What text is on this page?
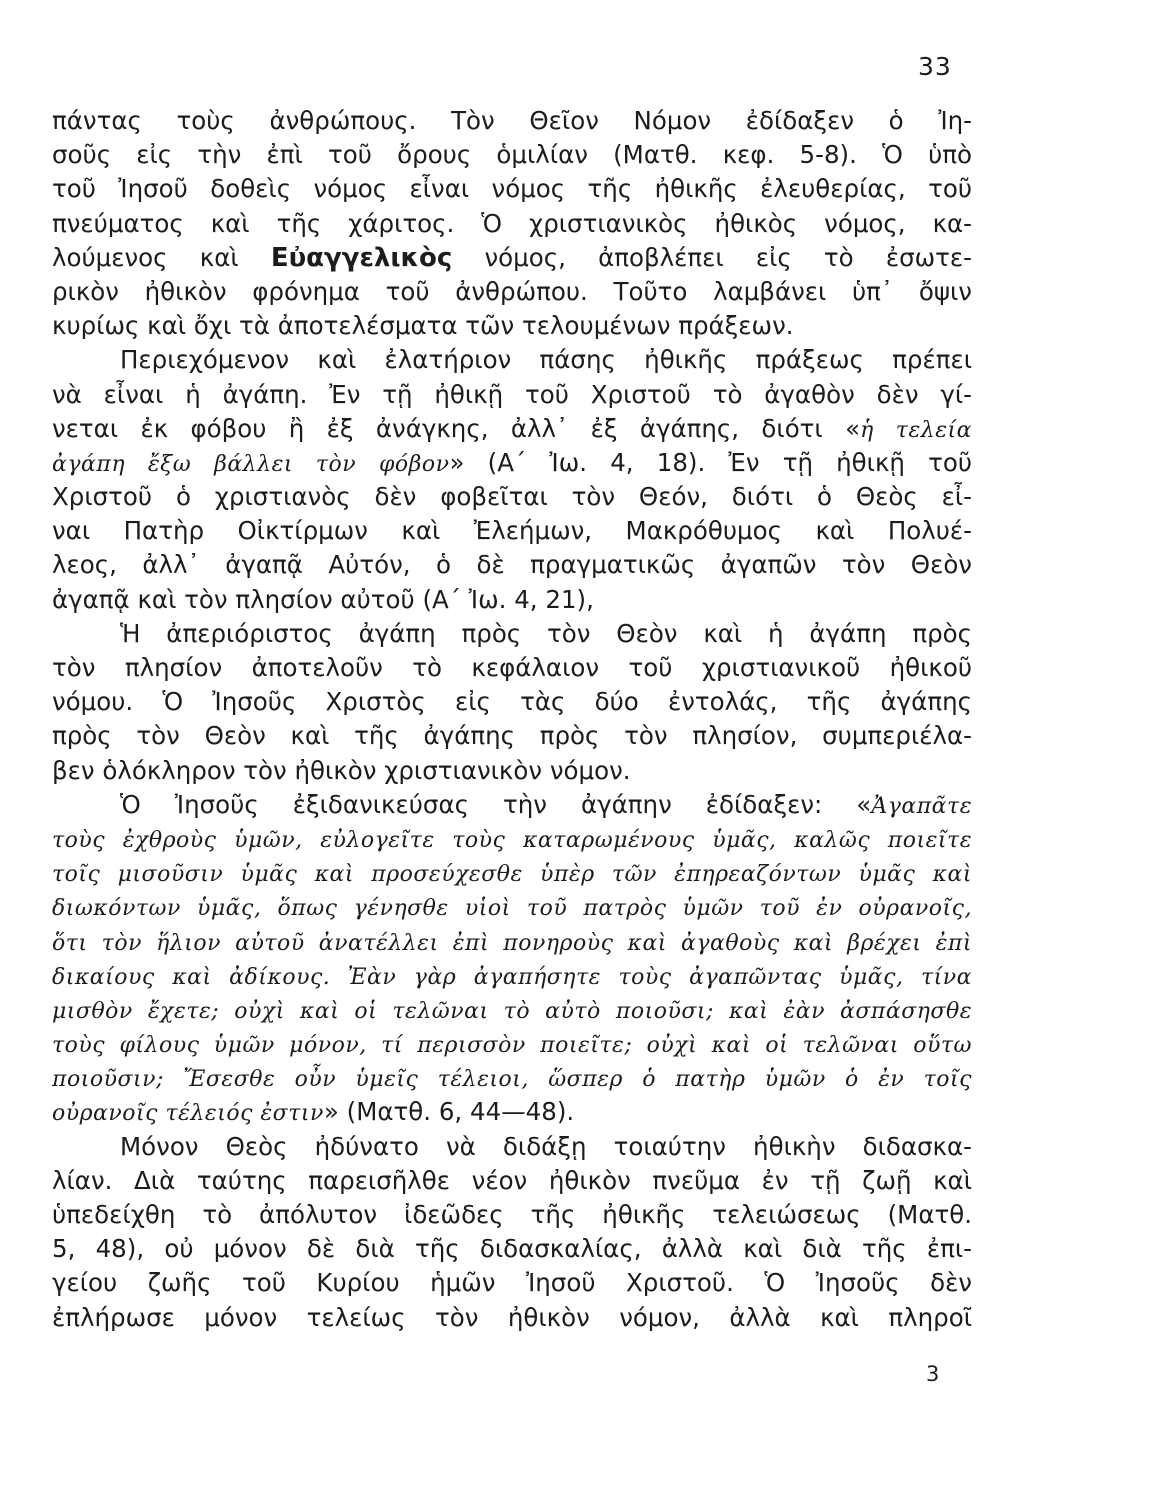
33
πάντας τοὺς ἀνθρώπους. Τὸν Θεῖον Νόμον ἐδίδαξεν ὁ Ἰη-
σοῦς εἰς τὴν ἐπὶ τοῦ ὄρους ὁμιλίαν (Ματθ. κεφ. 5-8). Ὁ ὑπὸ
τοῦ Ἰησοῦ δοθεὶς νόμος εἶναι νόμος τῆς ἠθικῆς ἐλευθερίας, τοῦ
πνεύματος καὶ τῆς χάριτος. Ὁ χριστιανικὸς ἠθικὸς νόμος, κα-
λούμενος καὶ Εὐαγγελικὸς νόμος, ἀποβλέπει εἰς τὸ ἐσωτε-
ρικὸν ἠθικὸν φρόνημα τοῦ ἀνθρώπου. Τοῦτο λαμβάνει ὑπ᾿ ὄψιν
κυρίως καὶ ὄχι τὰ ἀποτελέσματα τῶν τελουμένων πράξεων.
Περιεχόμενον καὶ ἐλατήριον πάσης ἠθικῆς πράξεως πρέπει
νὰ εἶναι ἡ ἀγάπη. Ἐν τῇ ἠθικῇ τοῦ Χριστοῦ τὸ ἀγαθὸν δὲν γί-
νεται ἐκ φόβου ἢ ἐξ ἀνάγκης, ἀλλ᾿ ἐξ ἀγάπης, διότι «ἡ τελεία
ἀγάπη ἔξω βάλλει τὸν φόβον» (Α΄ Ἰω. 4, 18). Ἐν τῇ ἠθικῇ τοῦ
Χριστοῦ ὁ χριστιανὸς δὲν φοβεῖται τὸν Θεόν, διότι ὁ Θεὸς εἶ-
ναι Πατὴρ Οἰκτίρμων καὶ Ἐλεήμων, Μακρόθυμος καὶ Πολυέ-
λεος, ἀλλ᾿ ἀγαπᾷ Αὐτόν, ὁ δὲ πραγματικῶς ἀγαπῶν τὸν Θεὸν
ἀγαπᾷ καὶ τὸν πλησίον αὐτοῦ (Α΄ Ἰω. 4, 21),
Ἡ ἀπεριόριστος ἀγάπη πρὸς τὸν Θεὸν καὶ ἡ ἀγάπη πρὸς
τὸν πλησίον ἀποτελοῦν τὸ κεφάλαιον τοῦ χριστιανικοῦ ἠθικοῦ
νόμου. Ὁ Ἰησοῦς Χριστὸς εἰς τὰς δύο ἐντολάς, τῆς ἀγάπης
πρὸς τὸν Θεὸν καὶ τῆς ἀγάπης πρὸς τὸν πλησίον, συμπεριέλα-
βεν ὁλόκληρον τὸν ἠθικὸν χριστιανικὸν νόμον.
Ὁ Ἰησοῦς ἐξιδανικεύσας τὴν ἀγάπην ἐδίδαξεν: «Ἀγαπᾶτε
τοὺς ἐχθροὺς ὑμῶν, εὐλογεῖτε τοὺς καταρωμένους ὑμᾶς, καλῶς ποιεῖτε
τοῖς μισοῦσιν ὑμᾶς καὶ προσεύχεσθε ὑπὲρ τῶν ἐπηρεαζόντων ὑμᾶς καὶ
διωκόντων ὑμᾶς, ὅπως γένησθε υἱοὶ τοῦ πατρὸς ὑμῶν τοῦ ἐν οὐρανοῖς,
ὅτι τὸν ἥλιον αὐτοῦ ἀνατέλλει ἐπὶ πονηροὺς καὶ ἀγαθοὺς καὶ βρέχει ἐπὶ
δικαίους καὶ ἀδίκους. Ἐὰν γὰρ ἀγαπήσητε τοὺς ἀγαπῶντας ὑμᾶς, τίνα
μισθὸν ἔχετε; οὐχὶ καὶ οἱ τελῶναι τὸ αὐτὸ ποιοῦσι; καὶ ἐὰν ἀσπάσησθε
τοὺς φίλους ὑμῶν μόνον, τί περισσὸν ποιεῖτε; οὐχὶ καὶ οἱ τελῶναι οὕτω
ποιοῦσιν; Ἔσεσθε οὖν ὑμεῖς τέλειοι, ὥσπερ ὁ πατὴρ ὑμῶν ὁ ἐν τοῖς
οὐρανοῖς τέλειός ἐστιν» (Ματθ. 6, 44—48).
Μόνον Θεὸς ἠδύνατο νὰ διδάξῃ τοιαύτην ἠθικὴν διδασκα-
λίαν. Διὰ ταύτης παρεισῆλθε νέον ἠθικὸν πνεῦμα ἐν τῇ ζωῇ καὶ
ὑπεδείχθη τὸ ἀπόλυτον ἰδεῶδες τῆς ἠθικῆς τελειώσεως (Ματθ.
5, 48), οὐ μόνον δὲ διὰ τῆς διδασκαλίας, ἀλλὰ καὶ διὰ τῆς ἐπι-
γείου ζωῆς τοῦ Κυρίου ἡμῶν Ἰησοῦ Χριστοῦ. Ὁ Ἰησοῦς δὲν
ἐπλήρωσε μόνον τελείως τὸν ἠθικὸν νόμον, ἀλλὰ καὶ πληροῖ
3
